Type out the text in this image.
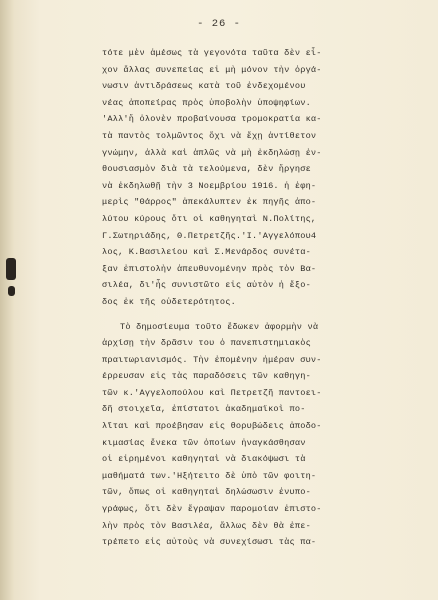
- 26 -
τότε μὲν ἀμέσως τὰ γεγονότα ταῦτα δὲν εἶ-
χον ἄλλας συνεπείας εἰ μὴ μόνον τὴν ὀργά-
νωσιν ἀντιδράσεως κατὰ τοῦ ἐνδεχομένου
νέας ἀποπείρας πρὸς ὑποβολὴν ὑποψηφίων.
'Αλλ'ἤ ὁλονὲν προβαίνουσα τρομοκρατία κα-
τὰ παντὸς τολμῶντος ὅχι νὰ ἔχῃ ἀντίθετον
γνώμην, ἀλλὰ καὶ ἁπλῶς νὰ μὴ ἐκδηλώσῃ ἐν-
θουσιασμὸν διὰ τὰ τελούμενα, δὲν ἤργησε
νὰ ἐκδηλωθῇ τὴν 3 Νοεμβρίου 1916. ἡ ἐφη-
μερὶς "Θάρρος" ἀπεκάλυπτεν ἐκ πηγῆς ἀπο-
λύτου κύρους ὅτι οἱ καθηγηταὶ Ν.Πολίτης,
Γ.Σωτηριάδης, Θ.Πετρετζῆς.'Ι.'Αγγελόπου4
λος, Κ.Βασιλείου καὶ Σ.Μενάρδος συνέτα-
ξαν ἐπιστολὴν ἀπευθυνομένην πρὸς τὸν Βα-
σιλέα, δι'ἧς συνιστῶτο εἰς αὐτὸν ἡ ἔξο-
δος ἐκ τῆς οὐδετερότητος.
Τὸ δημοσίευμα τοῦτο ἔδωκεν ἀφορμὴν νὰ
ἀρχίσῃ τὴν δρᾶσιν του ὁ πανεπιστημιακὸς
πραιτωριανισμός. Τὴν ἐπομένην ἡμέραν συν-
έρρευσαν εἰς τὰς παραδόσεις τῶν καθηγη-
τῶν κ.'Αγγελοπούλου καὶ Πετρετζῆ παντοει-
δῆ στοιχεῖα, ἐπίστατοι ἀκαδημαϊκοὶ πο-
λῖται καὶ προέβησαν εἰς θορυβώδεις ἀποδο-
κιμασίας ἕνεκα τῶν ὁποίων ἠναγκάσθησαν
οἱ εἰρημένοι καθηγηταὶ νὰ διακόψωσι τὰ
μαθήματά των.'Ηξήτειτο δὲ ὑπὸ τῶν φοιτη-
τῶν, ὅπως οἱ καθηγηταὶ δηλώσωσιν ἐνυπο-
γράφως, ὅτι δὲν ἔγραψαν παρομοίαν ἐπιστο-
λὴν πρὸς τὸν Βασιλέα, ἄλλως δὲν θὰ ἐπε-
τρέπετο εἰς αὐτοὺς νὰ συνεχίσωσι τὰς πα-
